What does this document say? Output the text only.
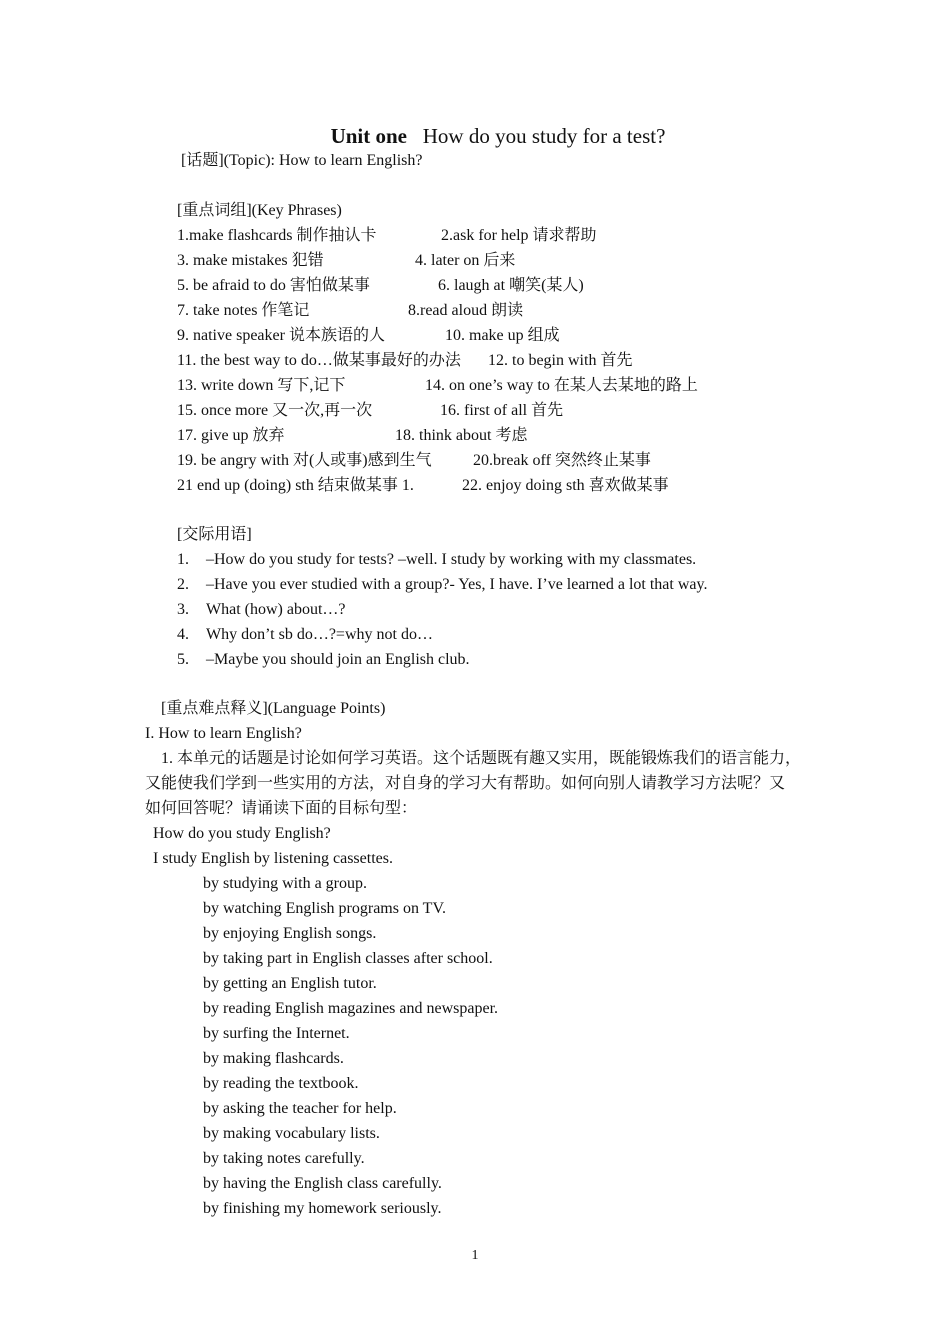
Unit one How do you study for a test?
[话题](Topic): How to learn English?
[重点词组](Key Phrases)
1.make flashcards 制作抽认卡	2.ask for help 请求帮助
3. make mistakes 犯错	4. later on 后来
5. be afraid to do 害怕做某事	6. laugh at 嘲笑(某人)
7. take notes 作笔记	8.read aloud 朗读
9. native speaker 说本族语的人	10. make up 组成
11. the best way to do…做某事最好的办法 12. to begin with 首先
13. write down 写下,记下	14. on one’s way to 在某人去某地的路上
15. once more 又一次,再一次	16. first of all 首先
17. give up 放弃	18. think about 考虑
19. be angry with 对(人或事)感到生气	20.break off 突然终止某事
21 end up (doing) sth 结束做某事 1.	22. enjoy doing sth 喜欢做某事
[交际用语]
1. –How do you study for tests? –well. I study by working with my classmates.
2. –Have you ever studied with a group?- Yes, I have. I’ve learned a lot that way.
3. What (how) about…?
4. Why don’t sb do…?=why not do…
5. –Maybe you should join an English club.
[重点难点释义](Language Points)
I. How to learn English?
1. 本单元的话题是讨论如何学习英语。这个话题既有趣又实用，既能锻炼我们的语言能力，
又能使我们学到一些实用的方法，对自身的学习大有帮助。如何向别人请教学习方法呢？又
如何回答呢？请诵读下面的目标句型：
How do you study English?
I study English by listening cassettes.
by studying with a group.
by watching English programs on TV.
by enjoying English songs.
by taking part in English classes after school.
by getting an English tutor.
by reading English magazines and newspaper.
by surfing the Internet.
by making flashcards.
by reading the textbook.
by asking the teacher for help.
by making vocabulary lists.
by taking notes carefully.
by having the English class carefully.
by finishing my homework seriously.
1
